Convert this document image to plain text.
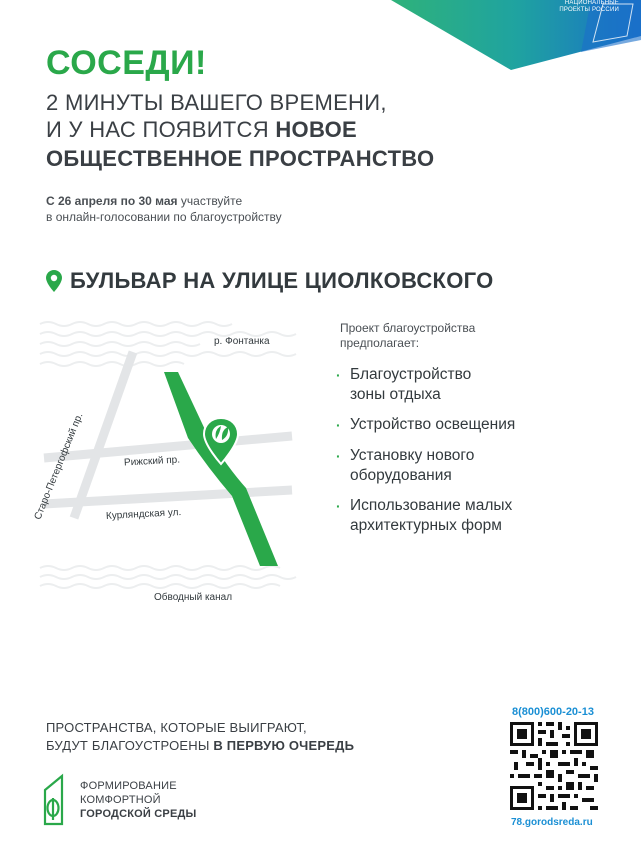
НАЦИОНАЛЬНЫЕ ПРОЕКТЫ РОССИИ
СОСЕДИ!
2 МИНУТЫ ВАШЕГО ВРЕМЕНИ,
И У НАС ПОЯВИТСЯ НОВОЕ
ОБЩЕСТВЕННОЕ ПРОСТРАНСТВО
С 26 апреля по 30 мая участвуйте
в онлайн-голосовании по благоустройству
БУЛЬВАР НА УЛИЦЕ ЦИОЛКОВСКОГО
р. Фонтанка
Рижский пр.
Курляндская ул.
Обводный канал
Старо-Петергофский пр.
Проект благоустройства
предполагает:
· Благоустройство
зоны отдыха
· Устройство освещения
· Установку нового
оборудования
· Использование малых
архитектурных форм
ПРОСТРАНСТВА, КОТОРЫЕ ВЫИГРАЮТ,
БУДУТ БЛАГОУСТРОЕНЫ В ПЕРВУЮ ОЧЕРЕДЬ
ФОРМИРОВАНИЕ
КОМФОРТНОЙ
ГОРОДСКОЙ СРЕДЫ
8(800)600-20-13
78.gorodsreda.ru
